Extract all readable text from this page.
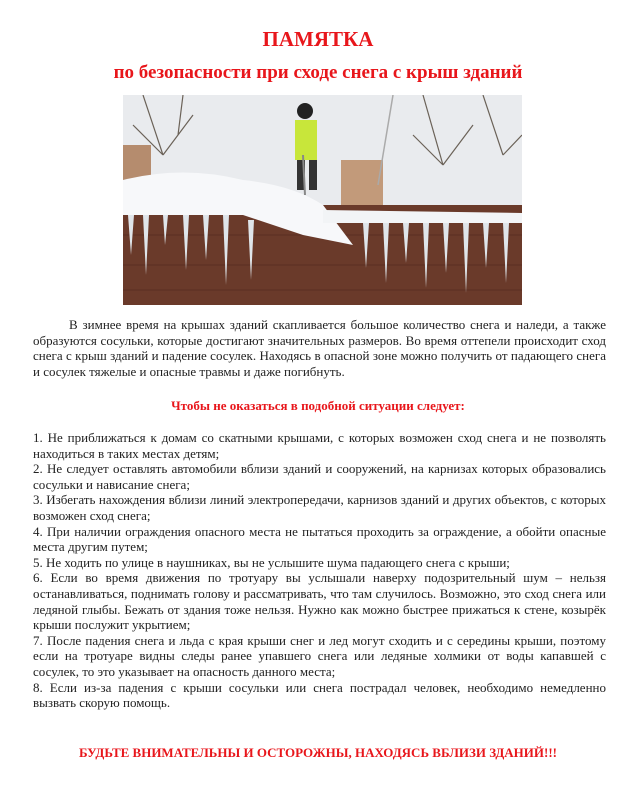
ПАМЯТКА
по безопасности при сходе снега с крыш зданий
В зимнее время на крышах зданий скапливается большое количество снега и наледи, а также образуются сосульки, которые достигают значительных размеров. Во время оттепели происходит сход снега с крыш зданий и падение сосулек. Находясь в опасной зоне можно получить от падающего снега и сосулек тяжелые и опасные травмы и даже погибнуть.
Чтобы не оказаться в подобной ситуации следует:
1. Не приближаться к домам со скатными крышами, с которых возможен сход снега и не позволять находиться в таких местах детям;
2. Не следует оставлять автомобили вблизи зданий и сооружений, на карнизах которых образовались сосульки и нависание снега;
3. Избегать нахождения вблизи линий электропередачи, карнизов зданий и других объектов, с которых возможен сход снега;
4. При наличии ограждения опасного места не пытаться проходить за ограждение, а обойти опасные места другим путем;
5. Не ходить по улице в наушниках, вы не услышите шума падающего снега с крыши;
6. Если во время движения по тротуару вы услышали наверху подозрительный шум – нельзя останавливаться, поднимать голову и рассматривать, что там случилось. Возможно, это сход снега или ледяной глыбы. Бежать от здания тоже нельзя. Нужно как можно быстрее прижаться к стене, козырёк крыши послужит укрытием;
7. После падения снега и льда с края крыши снег и лед могут сходить и с середины крыши, поэтому если на тротуаре видны следы ранее упавшего снега или ледяные холмики от воды капавшей с сосулек, то это указывает на опасность данного места;
8. Если из-за падения с крыши сосульки или снега пострадал человек, необходимо немедленно вызвать скорую помощь.
БУДЬТЕ ВНИМАТЕЛЬНЫ И ОСТОРОЖНЫ, НАХОДЯСЬ ВБЛИЗИ ЗДАНИЙ!!!
